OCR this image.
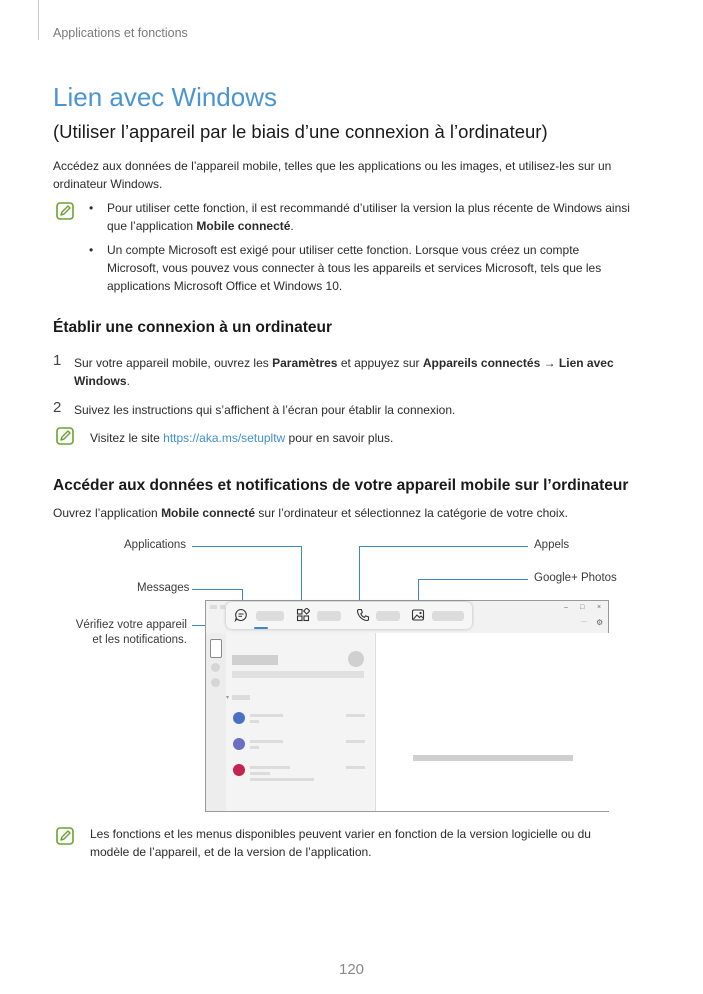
Applications et fonctions
Lien avec Windows
(Utiliser l’appareil par le biais d’une connexion à l’ordinateur)
Accédez aux données de l’appareil mobile, telles que les applications ou les images, et utilisez-les sur un ordinateur Windows.
• Pour utiliser cette fonction, il est recommandé d’utiliser la version la plus récente de Windows ainsi que l’application Mobile connecté.
• Un compte Microsoft est exigé pour utiliser cette fonction. Lorsque vous créez un compte Microsoft, vous pouvez vous connecter à tous les appareils et services Microsoft, tels que les applications Microsoft Office et Windows 10.
Établir une connexion à un ordinateur
1 Sur votre appareil mobile, ouvrez les Paramètres et appuyez sur Appareils connectés → Lien avec Windows.
2 Suivez les instructions qui s’affichent à l’écran pour établir la connexion.
Visitez le site https://aka.ms/setupltw pour en savoir plus.
Accéder aux données et notifications de votre appareil mobile sur l’ordinateur
Ouvrez l’application Mobile connecté sur l’ordinateur et sélectionnez la catégorie de votre choix.
Applications
Messages
Vérifiez votre appareil
et les notifications.
Appels
Google+ Photos
▾
– □ ×
··· ⚙
Les fonctions et les menus disponibles peuvent varier en fonction de la version logicielle ou du modèle de l’appareil, et de la version de l’application.
120
